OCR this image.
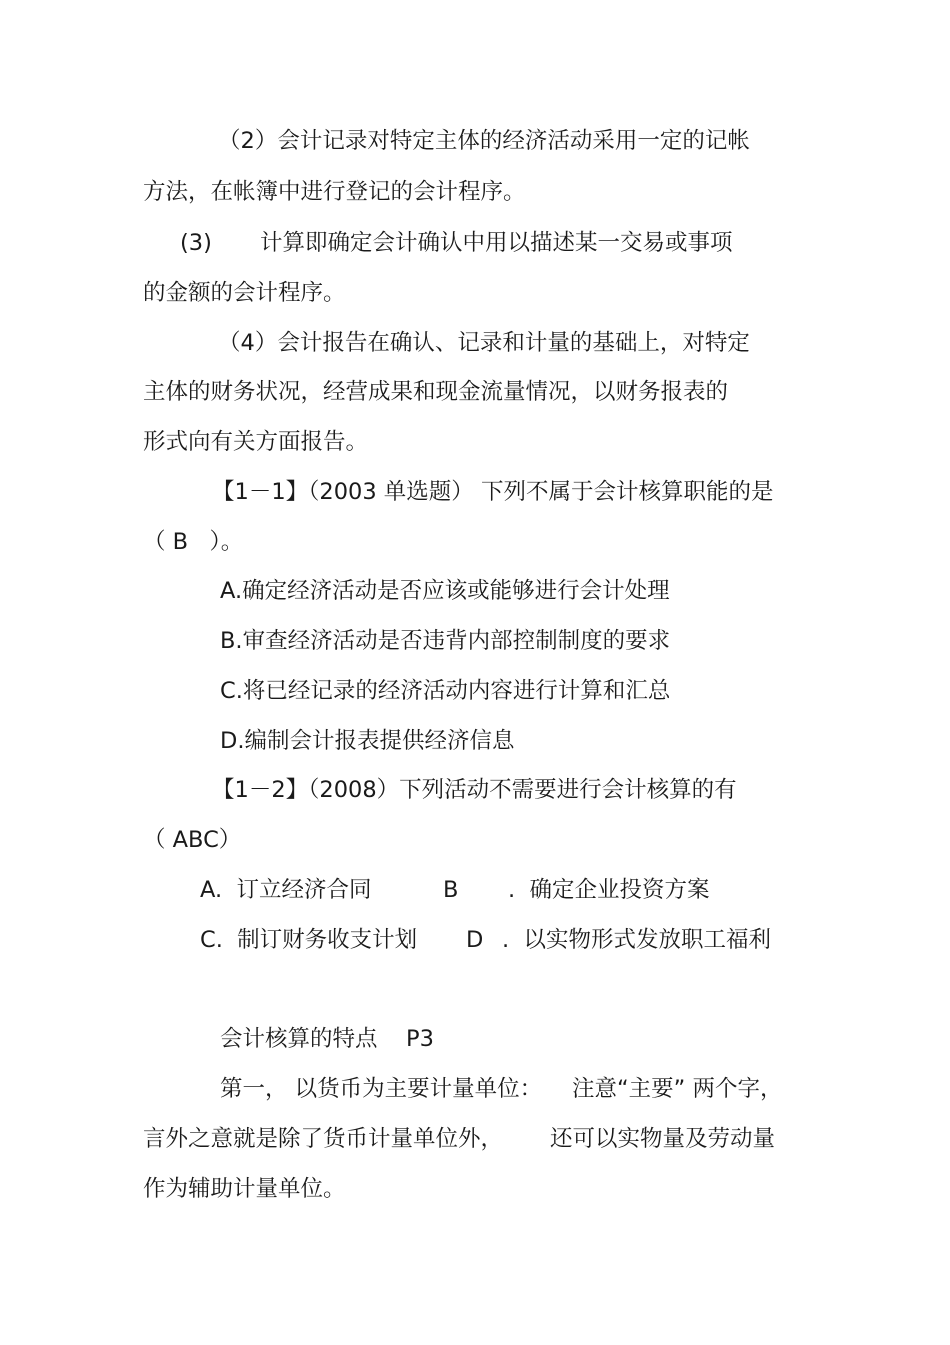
（2）会计记录对特定主体的经济活动采用一定的记帐
方法，在帐簿中进行登记的会计程序。
(3) 计算即确定会计确认中用以描述某一交易或事项
的金额的会计程序。
（4）会计报告在确认、记录和计量的基础上，对特定
主体的财务状况，经营成果和现金流量情况，以财务报表的
形式向有关方面报告。
【1－1】（2003 单选题） 下列不属于会计核算职能的是
（ B   ）。
A.确定经济活动是否应该或能够进行会计处理
B.审查经济活动是否违背内部控制制度的要求
C.将已经记录的经济活动内容进行计算和汇总
D.编制会计报表提供经济信息
【1－2】（2008）下列活动不需要进行会计核算的有
（ ABC）
A.  订立经济合同	B .  确定企业投资方案
C.  制订财务收支计划 D .  以实物形式发放职工福利
会计核算的特点 P3
第一， 以货币为主要计量单位： 注意“主要” 两个字，
言外之意就是除了货币计量单位外， 还可以实物量及劳动量
作为辅助计量单位。
